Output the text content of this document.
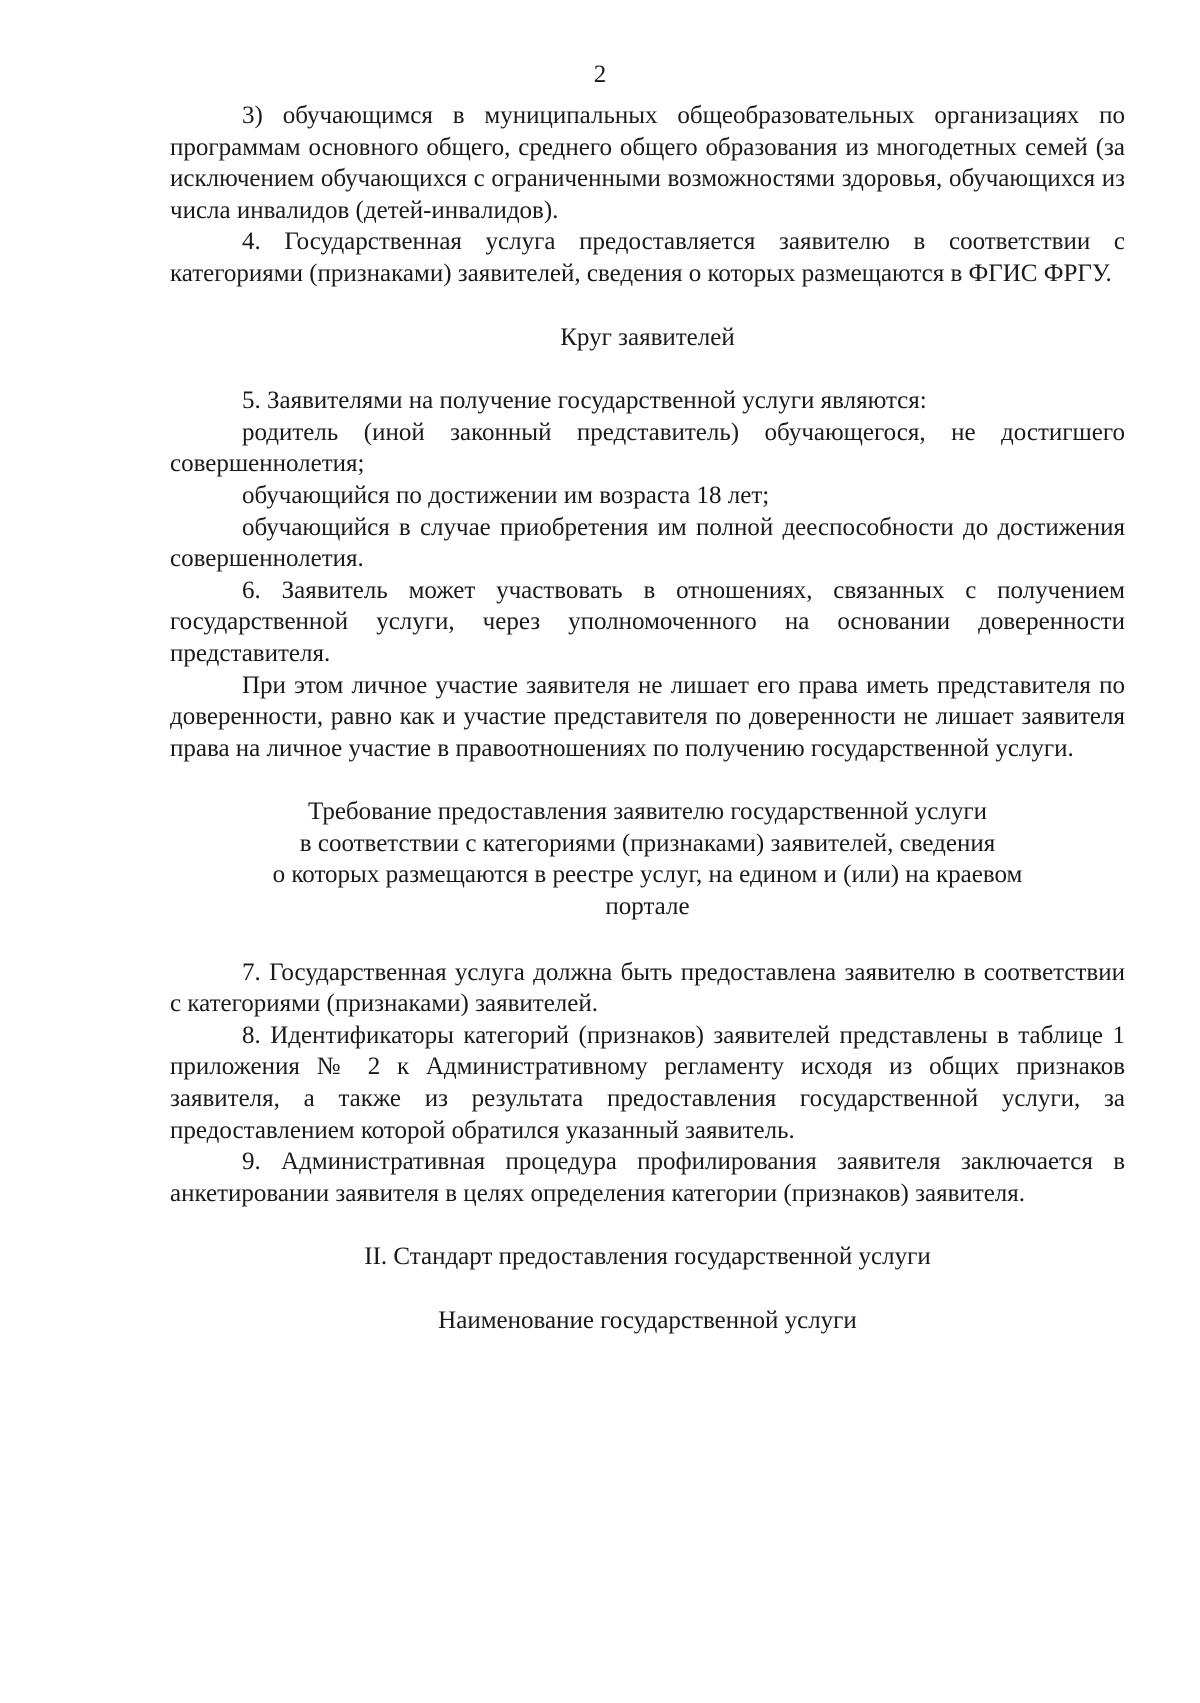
2

3) обучающимся в муниципальных общеобразовательных организациях по программам основного общего, среднего общего образования из многодетных семей (за исключением обучающихся с ограниченными возможностями здоровья, обучающихся из числа инвалидов (детей-инвалидов).

4. Государственная услуга предоставляется заявителю в соответствии с категориями (признаками) заявителей, сведения о которых размещаются в ФГИС ФРГУ.

Круг заявителей

5. Заявителями на получение государственной услуги являются:

родитель (иной законный представитель) обучающегося, не достигшего совершеннолетия;

обучающийся по достижении им возраста 18 лет;

обучающийся в случае приобретения им полной дееспособности до достижения совершеннолетия.

6. Заявитель может участвовать в отношениях, связанных с получением государственной услуги, через уполномоченного на основании доверенности представителя.

При этом личное участие заявителя не лишает его права иметь представителя по доверенности, равно как и участие представителя по доверенности не лишает заявителя права на личное участие в правоотношениях по получению государственной услуги.

Требование предоставления заявителю государственной услуги
в соответствии с категориями (признаками) заявителей, сведения
о которых размещаются в реестре услуг, на едином и (или) на краевом
портале

7. Государственная услуга должна быть предоставлена заявителю в соответствии с категориями (признаками) заявителей.

8. Идентификаторы категорий (признаков) заявителей представлены в таблице 1 приложения № 2 к Административному регламенту исходя из общих признаков заявителя, а также из результата предоставления государственной услуги, за предоставлением которой обратился указанный заявитель.

9. Административная процедура профилирования заявителя заключается в анкетировании заявителя в целях определения категории (признаков) заявителя.

II. Стандарт предоставления государственной услуги

Наименование государственной услуги
